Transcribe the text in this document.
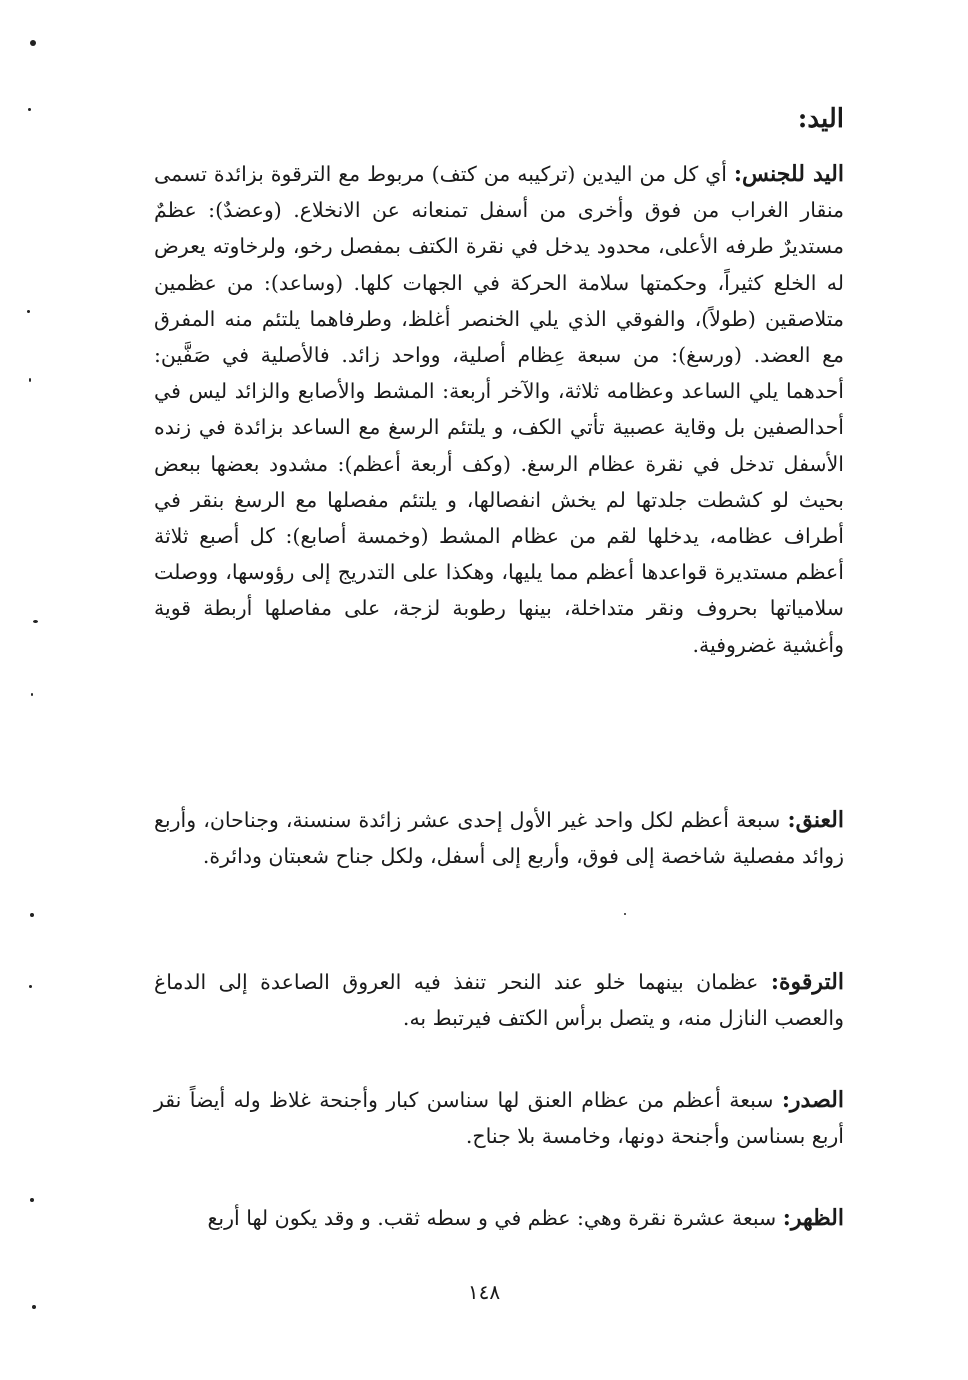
اليد:

اليد للجنس: أي كل من اليدين (تركيبه من كتف) مربوط مع الترقوة بزائدة تسمى منقار الغراب من فوق وأخرى من أسفل تمنعانه عن الانخلاع. (وعضدٌ): عظمٌ مستديرٌ طرفه الأعلى، محدود يدخل في نقرة الكتف بمفصل رخو، ولرخاوته يعرض له الخلع كثيراً، وحكمتها سلامة الحركة في الجهات كلها. (وساعد): من عظمين متلاصقين (طولاً)، والفوقي الذي يلي الخنصر أغلظ، وطرفاهما يلتئم منه المفرق مع العضد. (ورسغ): من سبعة عِظام أصلية، وواحد زائد. فالأصلية في صَفَّين: أحدهما يلي الساعد وعظامه ثلاثة، والآخر أربعة: المشط والأصابع والزائد ليس في أحدالصفين بل وقاية عصبية تأتي الكف، و يلتئم الرسغ مع الساعد بزائدة في زنده الأسفل تدخل في نقرة عظام الرسغ. (وكف أربعة أعظم): مشدود بعضها ببعض بحيث لو كشطت جلدتها لم يخش انفصالها، و يلتئم مفصلها مع الرسغ بنقر في أطراف عظامه، يدخلها لقم من عظام المشط (وخمسة أصابع): كل أصبع ثلاثة أعظم مستديرة قواعدها أعظم مما يليها، وهكذا على التدريج إلى رؤوسها، ووصلت سلامياتها بحروف ونقر متداخلة، بينها رطوبة لزجة، على مفاصلها أربطة قوية وأغشية غضروفية.

العنق: سبعة أعظم لكل واحد غير الأول إحدى عشر زائدة سنسنة، وجناحان، وأربع زوائد مفصلية شاخصة إلى فوق، وأربع إلى أسفل، ولكل جناح شعبتان ودائرة.

الترقوة: عظمان بينهما خلو عند النحر تنفذ فيه العروق الصاعدة إلى الدماغ والعصب النازل منه، و يتصل برأس الكتف فيرتبط به.

الصدر: سبعة أعظم من عظام العنق لها سناسن كبار وأجنحة غلاظ وله أيضاً نقر أربع بسناسن وأجنحة دونها، وخامسة بلا جناح.

الظهر: سبعة عشرة نقرة وهي: عظم في و سطه ثقب. و وقد يكون لها أربع

١٤٨
